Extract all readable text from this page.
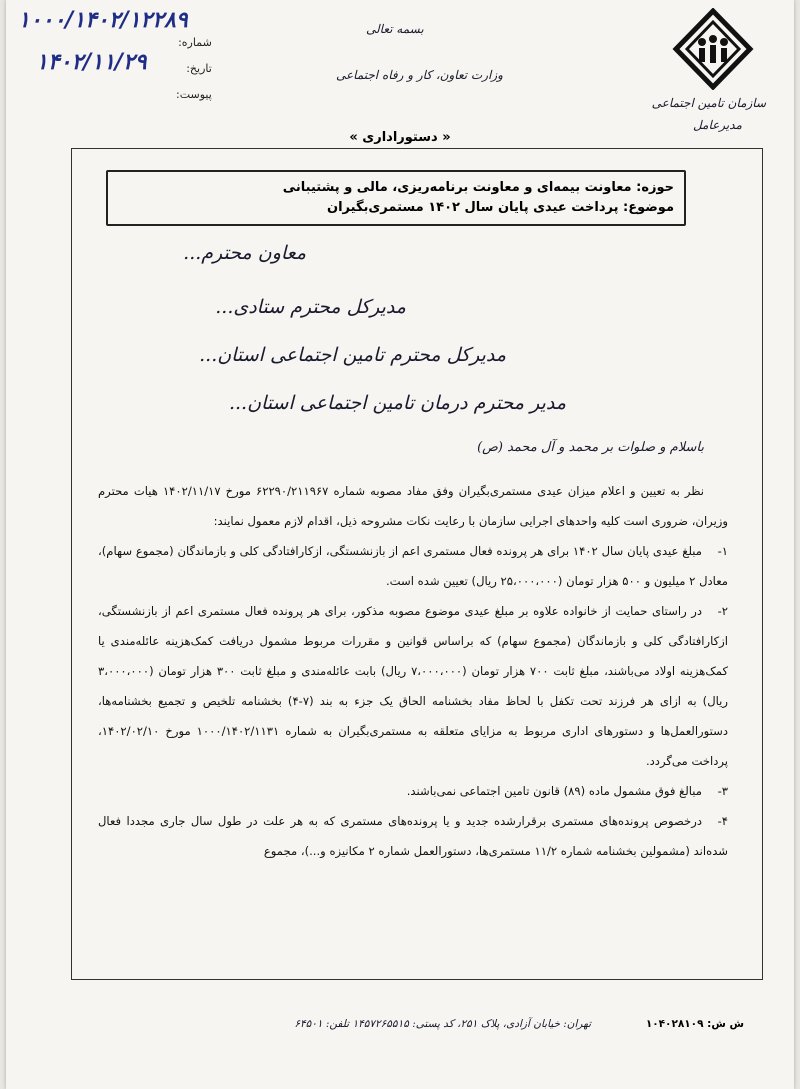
سازمان تامین اجتماعی
مدیرعامل
بسمه تعالی
وزارت تعاون، کار و رفاه اجتماعی
شماره:
تاریخ:
پیوست:
۱۰۰۰/۱۴۰۲/۱۲۲۸۹
۱۴۰۲/۱۱/۲۹
« دستوراداری »
حوزه: معاونت بیمه‌ای و معاونت برنامه‌ریزی، مالی و پشتیبانی
موضوع: پرداخت عیدی پایان سال ۱۴۰۲ مستمری‌بگیران
معاون محترم...
مدیرکل محترم ستادی...
مدیرکل محترم تامین اجتماعی استان...
مدیر محترم درمان تامین اجتماعی استان...
باسلام و صلوات بر محمد و آل محمد (ص)

نظر به تعیین و اعلام میزان عیدی مستمری‌بگیران وفق مفاد مصوبه شماره ۶۲۲۹۰/۲۱۱۹۶۷ مورخ ۱۴۰۲/۱۱/۱۷ هیات محترم وزیران، ضروری است کلیه واحدهای اجرایی سازمان با رعایت نکات مشروحه ذیل، اقدام لازم معمول نمایند:

۱-مبلغ عیدی پایان سال ۱۴۰۲ برای هر پرونده فعال مستمری اعم از بازنشستگی، ازکارافتادگی کلی و بازماندگان (مجموع سهام)، معادل ۲ میلیون و ۵۰۰ هزار تومان (۲۵،۰۰۰،۰۰۰ ریال) تعیین شده است.

۲-در راستای حمایت از خانواده علاوه بر مبلغ عیدی موضوع مصوبه مذکور، برای هر پرونده فعال مستمری اعم از بازنشستگی، ازکارافتادگی کلی و بازماندگان (مجموع سهام) که براساس قوانین و مقررات مربوط مشمول دریافت کمک‌هزینه عائله‌مندی یا کمک‌هزینه اولاد می‌باشند، مبلغ ثابت ۷۰۰ هزار تومان (۷،۰۰۰،۰۰۰ ریال) بابت عائله‌مندی و مبلغ ثابت ۳۰۰ هزار تومان (۳،۰۰۰،۰۰۰ ریال) به ازای هر فرزند تحت تکفل با لحاظ مفاد بخشنامه الحاق یک جزء به بند (۷-۴) بخشنامه تلخیص و تجمیع بخشنامه‌ها، دستورالعمل‌ها و دستورهای اداری مربوط به مزایای متعلقه به مستمری‌بگیران به شماره ۱۰۰۰/۱۴۰۲/۱۱۳۱ مورخ ۱۴۰۲/۰۲/۱۰، پرداخت می‌گردد.

۳-مبالغ فوق مشمول ماده (۸۹) قانون تامین اجتماعی نمی‌باشند.

۴-درخصوص پرونده‌های مستمری برقرارشده جدید و یا پرونده‌های مستمری که به هر علت در طول سال جاری مجددا فعال شده‌اند (مشمولین بخشنامه شماره ۱۱/۲ مستمری‌ها، دستورالعمل شماره ۲ مکانیزه و...)، مجموع

تهران: خیابان آزادی، پلاک ۲۵۱، کد پستی: ۱۴۵۷۲۶۵۵۱۵ تلفن: ۶۴۵۰۱	ش ش: ۱۰۴۰۲۸۱۰۹
